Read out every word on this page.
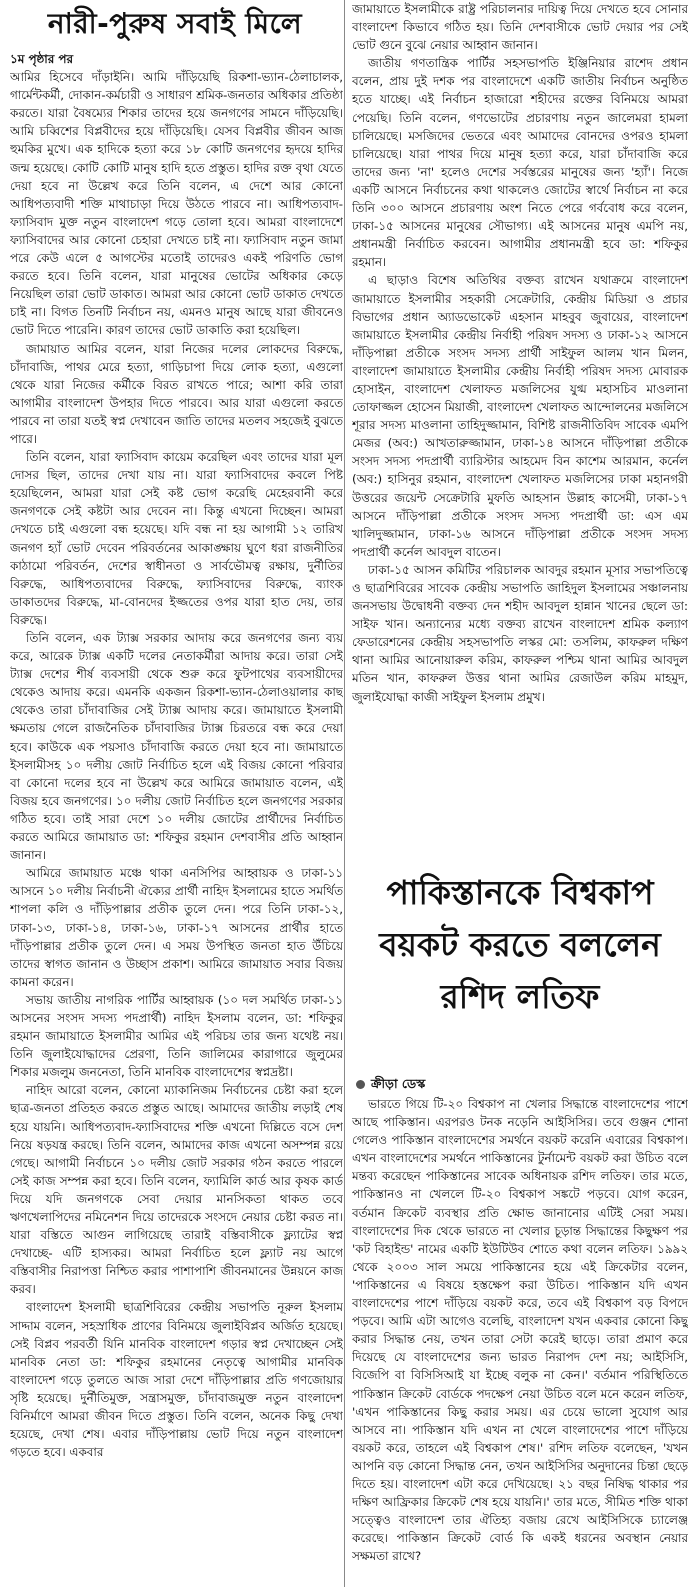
নারী-পুরুষ সবাই মিলে

১ম পৃষ্ঠার পর

আমির হিসেবে দাঁড়াইনি। আমি দাঁড়িয়েছি রিকশা-ভ্যান-ঠেলাচালক, গার্মেন্টকর্মী, দোকান-কর্মচারী ও সাধারণ শ্রমিক-জনতার অধিকার প্রতিষ্ঠা করতে। যারা বৈষম্যের শিকার তাদের হয়ে জনগণের সামনে দাঁড়িয়েছি। আমি চব্বিশের বিপ্লবীদের হয়ে দাঁড়িয়েছি। যেসব বিপ্লবীর জীবন আজ হুমকির মুখে। এক হাদিকে হত্যা করে ১৮ কোটি জনগণের হৃদয়ে হাদির জন্ম হয়েছে। কোটি কোটি মানুষ হাদি হতে প্রস্তুত। হাদির রক্ত বৃথা যেতে দেয়া হবে না উল্লেখ করে তিনি বলেন, এ দেশে আর কোনো আধিপত্যবাদী শক্তি মাথাচাড়া দিয়ে উঠতে পারবে না। আধিপত্যবাদ-ফ্যাসিবাদ মুক্ত নতুন বাংলাদেশ গড়ে তোলা হবে। আমরা বাংলাদেশে ফ্যাসিবাদের আর কোনো চেহারা দেখতে চাই না। ফ্যাসিবাদ নতুন জামা পরে কেউ এলে ৫ আগস্টের মতোই তাদেরও একই পরিণতি ভোগ করতে হবে। তিনি বলেন, যারা মানুষের ভোটের অধিকার কেড়ে নিয়েছিল তারা ভোট ডাকাত। আমরা আর কোনো ভোট ডাকাত দেখতে চাই না। বিগত তিনটি নির্বাচন নয়, এমনও মানুষ আছে যারা জীবনেও ভোট দিতে পারেনি। কারণ তাদের ভোট ডাকাতি করা হয়েছিল।

জামায়াত আমির বলেন, যারা নিজের দলের লোকদের বিরুদ্ধে, চাঁদাবাজি, পাথর মেরে হত্যা, গাড়িচাপা দিয়ে লোক হত্যা, এগুলো থেকে যারা নিজের কর্মীকে বিরত রাখতে পারে; আশা করি তারা আগামীর বাংলাদেশ উপহার দিতে পারবে। আর যারা এগুলো করতে পারবে না তারা যতই স্বপ্ন দেখাবেন জাতি তাদের মতলব সহজেই বুঝতে পারে।

তিনি বলেন, যারা ফ্যাসিবাদ কায়েম করেছিল এবং তাদের যারা মূল দোসর ছিল, তাদের দেখা যায় না। যারা ফ্যাসিবাদের কবলে পিষ্ট হয়েছিলেন, আমরা যারা সেই কষ্ট ভোগ করেছি মেহেরবানী করে জনগণকে সেই কষ্টটা আর দেবেন না। কিন্তু এখনো দিচ্ছেন। আমরা দেখতে চাই এগুলো বন্ধ হয়েছে। যদি বন্ধ না হয় আগামী ১২ তারিখ জনগণ হ্যাঁ ভোট দেবেন পরিবর্তনের আকাঙ্ক্ষায় ঘুণে ধরা রাজনীতির কাঠামো পরিবর্তন, দেশের স্বাধীনতা ও সার্বভৌমত্ব রক্ষায়, দুর্নীতির বিরুদ্ধে, আধিপত্যবাদের বিরুদ্ধে, ফ্যাসিবাদের বিরুদ্ধে, ব্যাংক ডাকাতদের বিরুদ্ধে, মা-বোনদের ইজ্জতের ওপর যারা হাত দেয়, তার বিরুদ্ধে।

তিনি বলেন, এক ট্যাক্স সরকার আদায় করে জনগণের জন্য ব্যয় করে, আরেক ট্যাক্স একটি দলের নেতাকর্মীরা আদায় করে। তারা সেই ট্যাক্স দেশের শীর্ষ ব্যবসায়ী থেকে শুরু করে ফুটপাথের ব্যবসায়ীদের থেকেও আদায় করে। এমনকি একজন রিকশা-ভ্যান-ঠেলাওয়ালার কাছ থেকেও তারা চাঁদাবাজির সেই ট্যাক্স আদায় করে। জামায়াতে ইসলামী ক্ষমতায় গেলে রাজনৈতিক চাঁদাবাজির ট্যাক্স চিরতরে বন্ধ করে দেয়া হবে। কাউকে এক পয়সাও চাঁদাবাজি করতে দেয়া হবে না। জামায়াতে ইসলামীসহ ১০ দলীয় জোট নির্বাচিত হলে এই বিজয় কোনো পরিবার বা কোনো দলের হবে না উল্লেখ করে আমিরে জামায়াত বলেন, এই বিজয় হবে জনগণের। ১০ দলীয় জোট নির্বাচিত হলে জনগণের সরকার গঠিত হবে। তাই সারা দেশে ১০ দলীয় জোটের প্রার্থীদের নির্বাচিত করতে আমিরে জামায়াত ডা: শফিকুর রহমান দেশবাসীর প্রতি আহ্বান জানান।

আমিরে জামায়াত মঞ্চে থাকা এনসিপির আহ্বায়ক ও ঢাকা-১১ আসনে ১০ দলীয় নির্বাচনী ঐক্যের প্রার্থী নাহিদ ইসলামের হাতে সমর্থিত শাপলা কলি ও দাঁড়িপাল্লার প্রতীক তুলে দেন। পরে তিনি ঢাকা-১২, ঢাকা-১৩, ঢাকা-১৪, ঢাকা-১৬, ঢাকা-১৭ আসনের প্রার্থীর হাতে দাঁড়িপাল্লার প্রতীক তুলে দেন। এ সময় উপস্থিত জনতা হাত উঁচিয়ে তাদের স্বাগত জানান ও উচ্ছাস প্রকাশ। আমিরে জামায়াত সবার বিজয় কামনা করেন।

সভায় জাতীয় নাগরিক পার্টির আহ্বায়ক (১০ দল সমর্থিত ঢাকা-১১ আসনের সংসদ সদস্য পদপ্রার্থী) নাহিদ ইসলাম বলেন, ডা: শফিকুর রহমান জামায়াতে ইসলামীর আমির এই পরিচয় তার জন্য যথেষ্ট নয়। তিনি জুলাইযোদ্ধাদের প্রেরণা, তিনি জালিমের কারাগারে জুলুমের শিকার মজলুম জননেতা, তিনি মানবিক বাংলাদেশের স্বপ্নদ্রষ্টা।

নাহিদ আরো বলেন, কোনো ম্যাকানিজম নির্বাচনের চেষ্টা করা হলে ছাত্র-জনতা প্রতিহত করতে প্রস্তুত আছে। আমাদের জাতীয় লড়াই শেষ হয়ে যায়নি। আধিপত্যবাদ-ফ্যাসিবাদের শক্তি এখনো দিল্লিতে বসে দেশ নিয়ে ষড়যন্ত্র করছে। তিনি বলেন, আমাদের কাজ এখনো অসম্পন্ন রয়ে গেছে। আগামী নির্বাচনে ১০ দলীয় জোট সরকার গঠন করতে পারলে সেই কাজ সম্পন্ন করা হবে। তিনি বলেন, ফ্যামিলি কার্ড আর কৃষক কার্ড দিয়ে যদি জনগণকে সেবা দেয়ার মানসিকতা থাকত তবে ঋণখেলাপিদের নমিনেশন দিয়ে তাদেরকে সংসদে নেয়ার চেষ্টা করত না। যারা বস্তিতে আগুন লাগিয়েছে তারাই বস্তিবাসীকে ফ্ল্যাটের স্বপ্ন দেখাচ্ছে- এটি হাস্যকর। আমরা নির্বাচিত হলে ফ্ল্যাট নয় আগে বস্তিবাসীর নিরাপত্তা নিশ্চিত করার পাশাপাশি জীবনমানের উন্নয়নে কাজ করব।

বাংলাদেশ ইসলামী ছাত্রশিবিরের কেন্দ্রীয় সভাপতি নূরুল ইসলাম সাদ্দাম বলেন, সহস্রাধিক প্রাণের বিনিময়ে জুলাইবিপ্লব অর্জিত হয়েছে। সেই বিপ্লব পরবর্তী যিনি মানবিক বাংলাদেশ গড়ার স্বপ্ন দেখাচ্ছেন সেই মানবিক নেতা ডা: শফিকুর রহমানের নেতৃত্বে আগামীর মানবিক বাংলাদেশ গড়ে তুলতে আজ সারা দেশে দাঁড়িপাল্লার প্রতি গণজোয়ার সৃষ্টি হয়েছে। দুর্নীতিমুক্ত, সন্ত্রাসমুক্ত, চাঁদাবাজমুক্ত নতুন বাংলাদেশ বিনির্মাণে আমরা জীবন দিতে প্রস্তুত। তিনি বলেন, অনেক কিছু দেখা হয়েছে, দেখা শেষ। এবার দাঁড়িপাল্লায় ভোট দিয়ে নতুন বাংলাদেশ গড়তে হবে। একবার

জামায়াতে ইসলামীকে রাষ্ট্র পরিচালনার দায়িত্ব দিয়ে দেখতে হবে সোনার বাংলাদেশ কিভাবে গঠিত হয়। তিনি দেশবাসীকে ভোট দেয়ার পর সেই ভোট গুনে বুঝে নেয়ার আহ্বান জানান।

জাতীয় গণতান্ত্রিক পার্টির সহসভাপতি ইঞ্জিনিয়ার রাশেদ প্রধান বলেন, প্রায় দুই দশক পর বাংলাদেশে একটি জাতীয় নির্বাচন অনুষ্ঠিত হতে যাচ্ছে। এই নির্বাচন হাজারো শহীদের রক্তের বিনিময়ে আমরা পেয়েছি। তিনি বলেন, গণভোটের প্রচারণায় নতুন জালেমরা হামলা চালিয়েছে। মসজিদের ভেতরে এবং আমাদের বোনদের ওপরও হামলা চালিয়েছে। যারা পাথর দিয়ে মানুষ হত্যা করে, যারা চাঁদাবাজি করে তাদের জন্য 'না' হলেও দেশের সর্বস্তরের মানুষের জন্য 'হ্যাঁ'। নিজে একটি আসনে নির্বাচনের কথা থাকলেও জোটের স্বার্থে নির্বাচন না করে তিনি ৩০০ আসনে প্রচারণায় অংশ নিতে পেরে গর্ববোধ করে বলেন, ঢাকা-১৫ আসনের মানুষের সৌভাগ্য। এই আসনের মানুষ এমপি নয়, প্রধানমন্ত্রী নির্বাচিত করবেন। আগামীর প্রধানমন্ত্রী হবে ডা: শফিকুর রহমান।

এ ছাড়াও বিশেষ অতিথির বক্তব্য রাখেন যথাক্রমে বাংলাদেশ জামায়াতে ইসলামীর সহকারী সেক্রেটারি, কেন্দ্রীয় মিডিয়া ও প্রচার বিভাগের প্রধান অ্যাডভোকেট এহসান মাহবুব জুবায়ের, বাংলাদেশ জামায়াতে ইসলামীর কেন্দ্রীয় নির্বাহী পরিষদ সদস্য ও ঢাকা-১২ আসনে দাঁড়িপাল্লা প্রতীকে সংসদ সদস্য প্রার্থী সাইফুল আলম খান মিলন, বাংলাদেশ জামায়াতে ইসলামীর কেন্দ্রীয় নির্বাহী পরিষদ সদস্য মোবারক হোসাইন, বাংলাদেশ খেলাফত মজলিসের যুগ্ম মহাসচিব মাওলানা তোফাজ্জল হোসেন মিয়াজী, বাংলাদেশ খেলাফত আন্দোলনের মজলিসে শূরার সদস্য মাওলানা তাহিদুজ্জামান, বিশিষ্ট রাজনীতিবিদ সাবেক এমপি মেজর (অব:) আখতারুজ্জামান, ঢাকা-১৪ আসনে দাঁড়িপাল্লা প্রতীকে সংসদ সদস্য পদপ্রার্থী ব্যারিস্টার আহমেদ বিন কাশেম আরমান, কর্নেল (অব:) হাসিনুর রহমান, বাংলাদেশ খেলাফত মজলিসের ঢাকা মহানগরী উত্তরের জয়েন্ট সেক্রেটারি মুফতি আহসান উল্লাহ কাসেমী, ঢাকা-১৭ আসনে দাঁড়িপাল্লা প্রতীকে সংসদ সদস্য পদপ্রার্থী ডা: এস এম খালিদুজ্জামান, ঢাকা-১৬ আসনে দাঁড়িপাল্লা প্রতীকে সংসদ সদস্য পদপ্রার্থী কর্নেল আবদুল বাতেন।

ঢাকা-১৫ আসন কমিটির পরিচালক আবদুর রহমান মূসার সভাপতিত্বে ও ছাত্রশিবিরের সাবেক কেন্দ্রীয় সভাপতি জাহিদুল ইসলামের সঞ্চালনায় জনসভায় উদ্বোধনী বক্তব্য দেন শহীদ আবদুল হান্নান খানের ছেলে ডা: সাইফ খান। অন্যান্যের মধ্যে বক্তব্য রাখেন বাংলাদেশ শ্রমিক কল্যাণ ফেডারেশনের কেন্দ্রীয় সহসভাপতি লস্কর মো: তসলিম, কাফরুল দক্ষিণ থানা আমির আনোয়ারুল করিম, কাফরুল পশ্চিম থানা আমির আবদুল মতিন খান, কাফরুল উত্তর থানা আমির রেজাউল করিম মাহমুদ, জুলাইযোদ্ধা কাজী সাইফুল ইসলাম প্রমুখ।

পাকিস্তানকে বিশ্বকাপ
বয়কট করতে বললেন
রশিদ লতিফ
ক্রীড়া ডেস্ক

ভারতে গিয়ে টি-২০ বিশ্বকাপ না খেলার সিদ্ধান্তে বাংলাদেশের পাশে আছে পাকিস্তান। এরপরও টনক নড়েনি আইসিসির। তবে গুঞ্জন শোনা গেলেও পাকিস্তান বাংলাদেশের সমর্থনে বয়কট করেনি এবারের বিশ্বকাপ। এখন বাংলাদেশের সমর্থনে পাকিস্তানের টুর্নামেন্ট বয়কট করা উচিত বলে মন্তব্য করেছেন পাকিস্তানের সাবেক অধিনায়ক রশিদ লতিফ। তার মতে, পাকিস্তানও না খেললে টি-২০ বিশ্বকাপ সঙ্কটে পড়বে। যোগ করেন, বর্তমান ক্রিকেট ব্যবস্থার প্রতি ক্ষোভ জানানোর এটিই সেরা সময়। বাংলাদেশের দিক থেকে ভারতে না খেলার চূড়ান্ত সিদ্ধান্তের কিছুক্ষণ পর 'কট বিহাইন্ড' নামের একটি ইউটিউব শোতে কথা বলেন লতিফ। ১৯৯২ থেকে ২০০৩ সাল সময়ে পাকিস্তানের হয়ে এই ক্রিকেটার বলেন, 'পাকিস্তানের এ বিষয়ে হস্তক্ষেপ করা উচিত। পাকিস্তান যদি এখন বাংলাদেশের পাশে দাঁড়িয়ে বয়কট করে, তবে এই বিশ্বকাপ বড় বিপদে পড়বে। আমি এটা আগেও বলেছি, বাংলাদেশ যখন একবার কোনো কিছু করার সিদ্ধান্ত নেয়, তখন তারা সেটা করেই ছাড়ে। তারা প্রমাণ করে দিয়েছে যে বাংলাদেশের জন্য ভারত নিরাপদ দেশ নয়; আইসিসি, বিজেপি বা বিসিসিআই যা ইচ্ছে বলুক না কেন।' বর্তমান পরিস্থিতিতে পাকিস্তান ক্রিকেট বোর্ডকে পদক্ষেপ নেয়া উচিত বলে মনে করেন লতিফ, 'এখন পাকিস্তানের কিছু করার সময়। এর চেয়ে ভালো সুযোগ আর আসবে না। পাকিস্তান যদি এখন না খেলে বাংলাদেশের পাশে দাঁড়িয়ে বয়কট করে, তাহলে এই বিশ্বকাপ শেষ।' রশিদ লতিফ বলেছেন, 'যখন আপনি বড় কোনো সিদ্ধান্ত নেন, তখন আইসিসির অনুদানের চিন্তা ছেড়ে দিতে হয়। বাংলাদেশ এটা করে দেখিয়েছে। ২১ বছর নিষিদ্ধ থাকার পর দক্ষিণ আফ্রিকার ক্রিকেট শেষ হয়ে যায়নি।' তার মতে, সীমিত শক্তি থাকা সত্ত্বেও বাংলাদেশ তার ঐতিহ্য বজায় রেখে আইসিসিকে চ্যালেঞ্জ করেছে। পাকিস্তান ক্রিকেট বোর্ড কি একই ধরনের অবস্থান নেয়ার সক্ষমতা রাখে?
